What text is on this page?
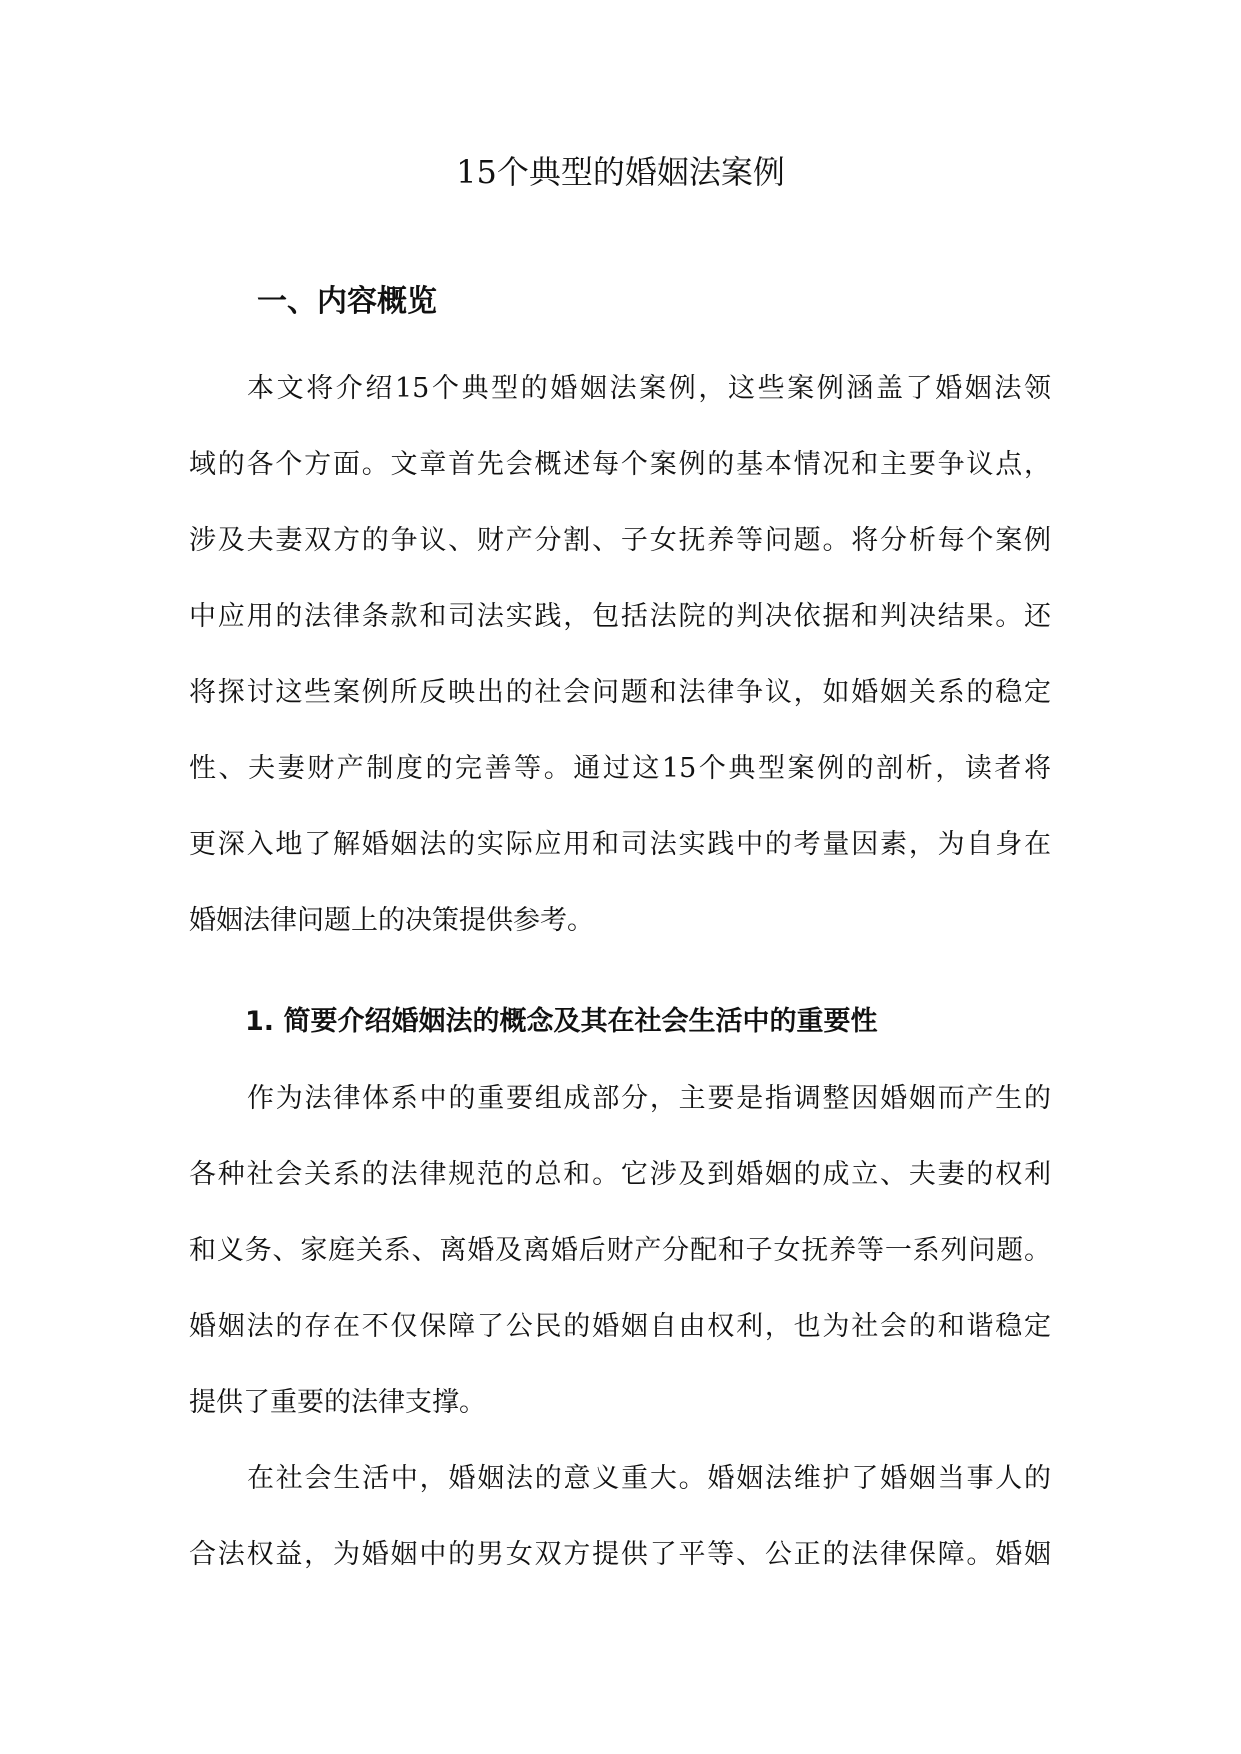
15个典型的婚姻法案例
一、内容概览
本文将介绍15个典型的婚姻法案例，这些案例涵盖了婚姻法领
域的各个方面。文章首先会概述每个案例的基本情况和主要争议点，
涉及夫妻双方的争议、财产分割、子女抚养等问题。将分析每个案例
中应用的法律条款和司法实践，包括法院的判决依据和判决结果。还
将探讨这些案例所反映出的社会问题和法律争议，如婚姻关系的稳定
性、夫妻财产制度的完善等。通过这15个典型案例的剖析，读者将
更深入地了解婚姻法的实际应用和司法实践中的考量因素，为自身在
婚姻法律问题上的决策提供参考。
1. 简要介绍婚姻法的概念及其在社会生活中的重要性
作为法律体系中的重要组成部分，主要是指调整因婚姻而产生的
各种社会关系的法律规范的总和。它涉及到婚姻的成立、夫妻的权利
和义务、家庭关系、离婚及离婚后财产分配和子女抚养等一系列问题。
婚姻法的存在不仅保障了公民的婚姻自由权利，也为社会的和谐稳定
提供了重要的法律支撑。
在社会生活中，婚姻法的意义重大。婚姻法维护了婚姻当事人的
合法权益，为婚姻中的男女双方提供了平等、公正的法律保障。婚姻
